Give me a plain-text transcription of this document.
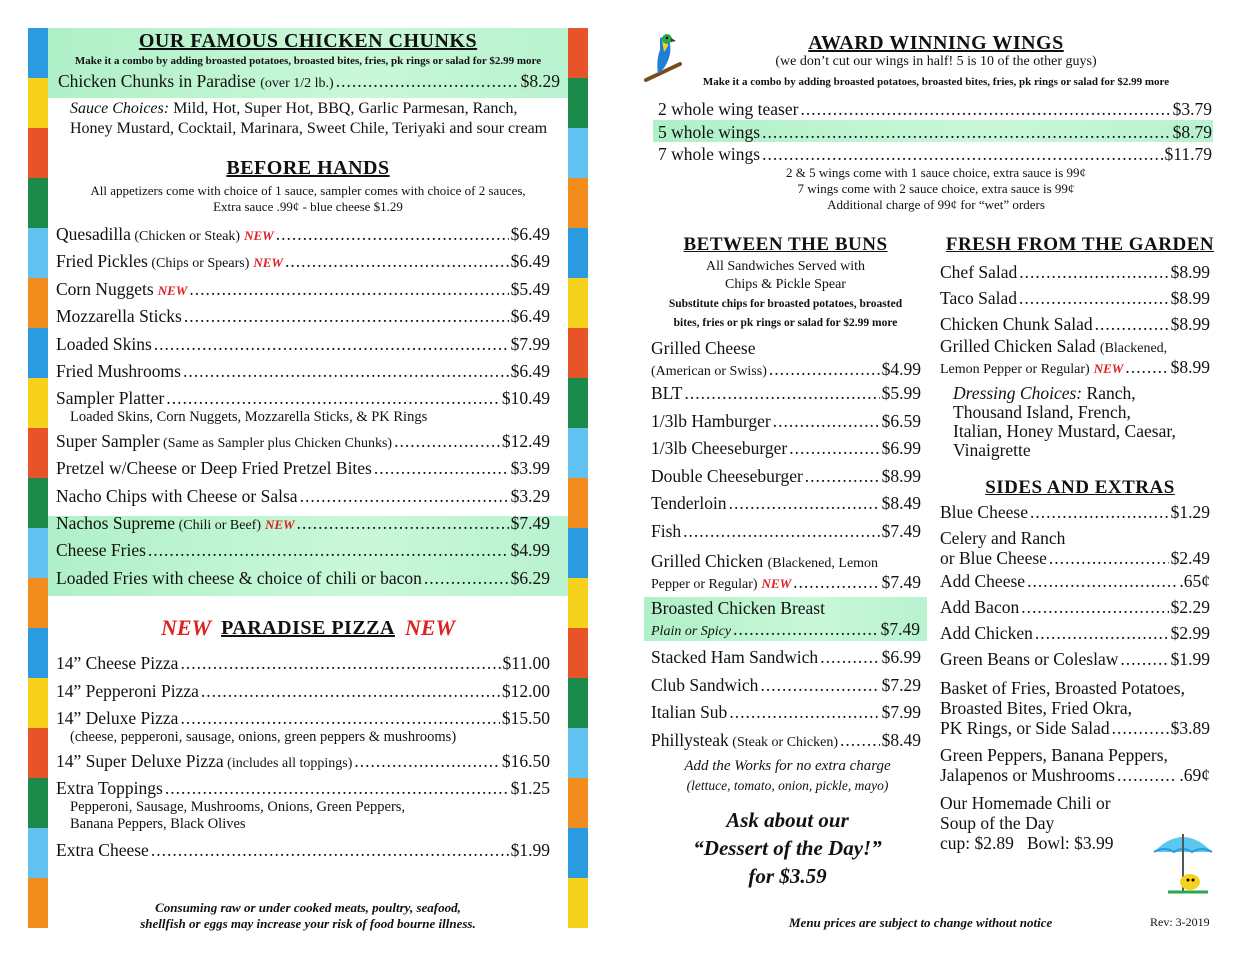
OUR FAMOUS CHICKEN CHUNKS
Make it a combo by adding broasted potatoes, broasted bites, fries, pk rings or salad for $2.99 more
Chicken Chunks in Paradise
(over 1/2 lb.) .....	$8.29
Sauce Choices: Mild, Hot, Super Hot, BBQ, Garlic Parmesan, Ranch,
Honey Mustard, Cocktail, Marinara, Sweet Chile, Teriyaki and sour cream
BEFORE HANDS
All appetizers come with choice of 1 sauce, sampler comes with choice of 2 sauces,
Extra sauce .99¢ - blue cheese $1.29
Quesadilla (Chicken or Steak) NEW .....	$6.49
Fried Pickles (Chips or Spears) NEW .....	$6.49
Corn Nuggets NEW .....	$5.49
Mozzarella Sticks .....	$6.49
Loaded Skins .....	$7.99
Fried Mushrooms .....	$6.49
Sampler Platter .....	$10.49
Loaded Skins, Corn Nuggets, Mozzarella Sticks, & PK Rings
Super Sampler (Same as Sampler plus Chicken Chunks) .....	$12.49
Pretzel w/Cheese or Deep Fried Pretzel Bites .....	$3.99
Nacho Chips with Cheese or Salsa .....	$3.29
Nachos Supreme (Chili or Beef) NEW .....	$7.49
Cheese Fries .....	$4.99
Loaded Fries with cheese & choice of chili or bacon .....	$6.29
NEW PARADISE PIZZA NEW
14” Cheese Pizza .....	$11.00
14” Pepperoni Pizza .....	$12.00
14” Deluxe Pizza .....	$15.50
(cheese, pepperoni, sausage, onions, green peppers & mushrooms)
14” Super Deluxe Pizza (includes all toppings) .....	$16.50
Extra Toppings .....	$1.25
Pepperoni, Sausage, Mushrooms, Onions, Green Peppers,
Banana Peppers, Black Olives
Extra Cheese .....	$1.99
Consuming raw or under cooked meats, poultry, seafood,
shellfish or eggs may increase your risk of food bourne illness.
AWARD WINNING WINGS
(we don’t cut our wings in half! 5 is 10 of the other guys)
Make it a combo by adding broasted potatoes, broasted bites, fries, pk rings or salad for $2.99 more
2 whole wing teaser .....	$3.79
5 whole wings .....	$8.79
7 whole wings .....	$11.79
2 & 5 wings come with 1 sauce choice, extra sauce is 99¢
7 wings come with 2 sauce choice, extra sauce is 99¢
Additional charge of 99¢ for “wet” orders
BETWEEN THE BUNS
All Sandwiches Served with
Chips & Pickle Spear
Substitute chips for broasted potatoes, broasted
bites, fries or pk rings or salad for $2.99 more
Grilled Cheese
(American or Swiss) .....	$4.99
BLT .....	$5.99
1/3lb Hamburger .....	$6.59
1/3lb Cheeseburger .....	$6.99
Double Cheeseburger .....	$8.99
Tenderloin .....	$8.49
Fish .....	$7.49
Grilled Chicken (Blackened, Lemon
Pepper or Regular) NEW .....	$7.49
Broasted Chicken Breast
Plain or Spicy .....	$7.49
Stacked Ham Sandwich .....	$6.99
Club Sandwich .....	$7.29
Italian Sub .....	$7.99
Phillysteak (Steak or Chicken) ..... $8.49
Add the Works for no extra charge
(lettuce, tomato, onion, pickle, mayo)
Ask about our
“Dessert of the Day!”
for $3.59
FRESH FROM THE GARDEN
Chef Salad .....	$8.99
Taco Salad .....	$8.99
Chicken Chunk Salad .....	$8.99
Grilled Chicken Salad (Blackened,
Lemon Pepper or Regular) NEW .....	$8.99
Dressing Choices: Ranch,
Thousand Island, French,
Italian, Honey Mustard, Caesar,
Vinaigrette
SIDES AND EXTRAS
Blue Cheese .....	$1.29
Celery and Ranch
or Blue Cheese .....	$2.49
Add Cheese .....	.65¢
Add Bacon .....	$2.29
Add Chicken .....	$2.99
Green Beans or Coleslaw .....	$1.99
Basket of Fries, Broasted Potatoes,
Broasted Bites, Fried Okra,
PK Rings, or Side Salad .....	$3.89
Green Peppers, Banana Peppers,
Jalapenos or Mushrooms .....	.69¢
Our Homemade Chili or
Soup of the Day
cup: $2.89   Bowl: $3.99
Menu prices are subject to change without notice	Rev: 3-2019
